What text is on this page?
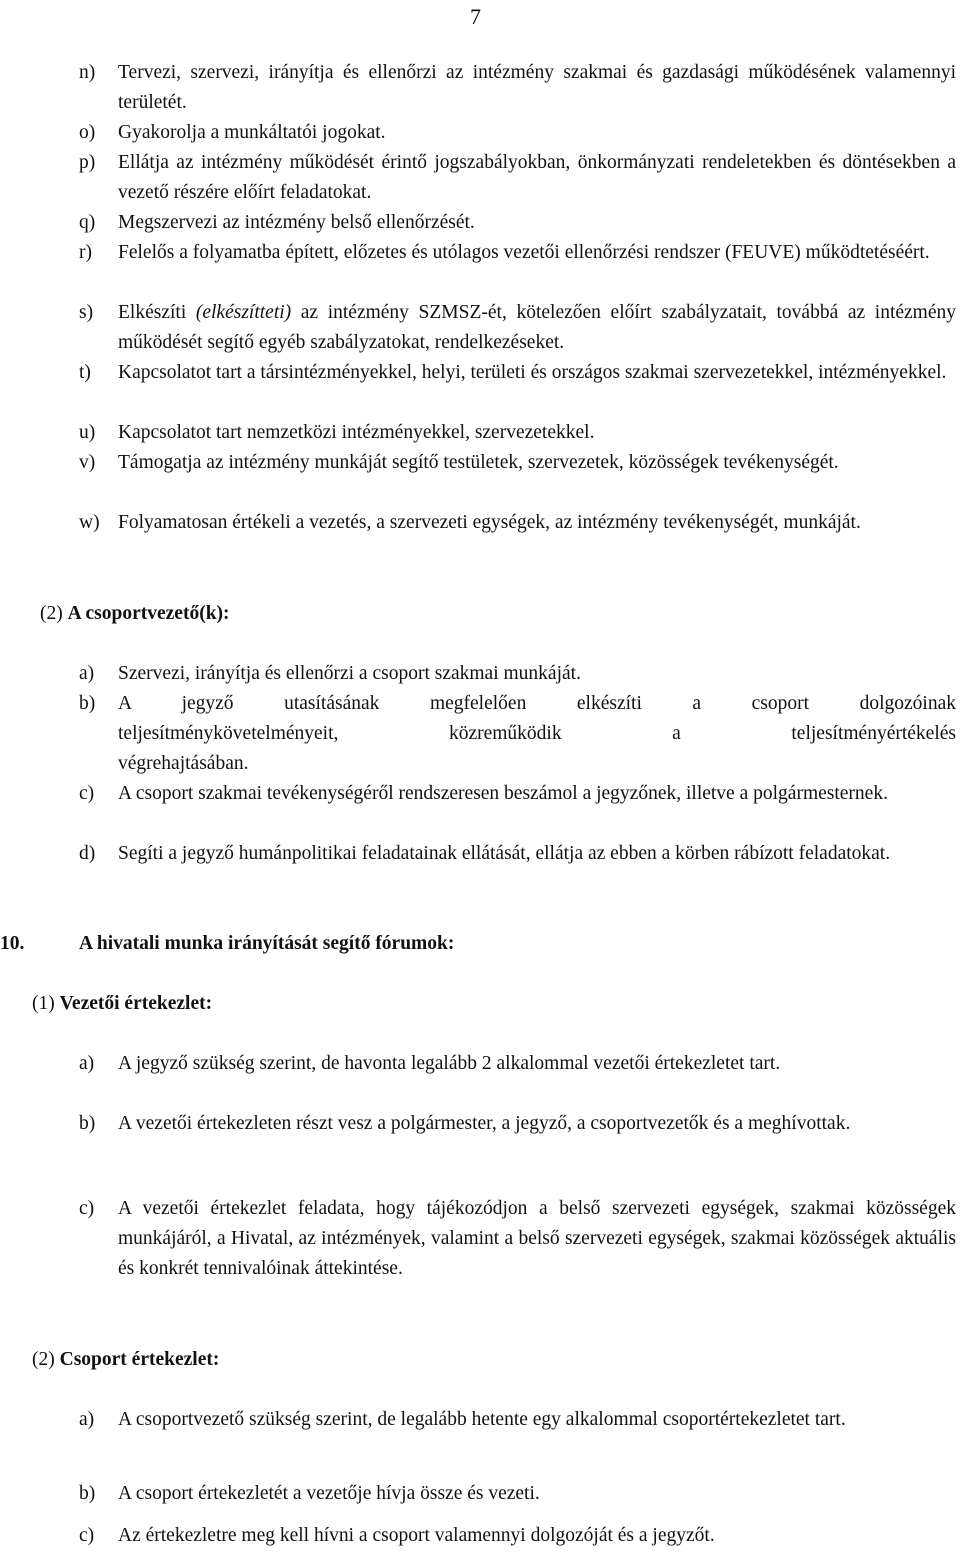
7
n) Tervezi, szervezi, irányítja és ellenőrzi az intézmény szakmai és gazdasági működésének valamennyi területét.
o) Gyakorolja a munkáltatói jogokat.
p) Ellátja az intézmény működését érintő jogszabályokban, önkormányzati rendeletekben és döntésekben a vezető részére előírt feladatokat.
q) Megszervezi az intézmény belső ellenőrzését.
r) Felelős a folyamatba épített, előzetes és utólagos vezetői ellenőrzési rendszer (FEUVE) működtetéséért.
s) Elkészíti (elkészítteti) az intézmény SZMSZ-ét, kötelezően előírt szabályzatait, továbbá az intézmény működését segítő egyéb szabályzatokat, rendelkezéseket.
t) Kapcsolatot tart a társintézményekkel, helyi, területi és országos szakmai szervezetekkel, intézményekkel.
u) Kapcsolatot tart nemzetközi intézményekkel, szervezetekkel.
v) Támogatja az intézmény munkáját segítő testületek, szervezetek, közösségek tevékenységét.
w) Folyamatosan értékeli a vezetés, a szervezeti egységek, az intézmény tevékenységét, munkáját.
(2) A csoportvezető(k):
a) Szervezi, irányítja és ellenőrzi a csoport szakmai munkáját.
b) A jegyző utasításának megfelelően elkészíti a csoport dolgozóinak
teljesítménykövetelményeit, közreműködik a teljesítményértékelés
végrehajtásában.
c) A csoport szakmai tevékenységéről rendszeresen beszámol a jegyzőnek, illetve a polgármesternek.
d) Segíti a jegyző humánpolitikai feladatainak ellátását, ellátja az ebben a körben rábízott feladatokat.
10.	A hivatali munka irányítását segítő fórumok:
(1) Vezetői értekezlet:
a) A jegyző szükség szerint, de havonta legalább 2 alkalommal vezetői értekezletet tart.
b) A vezetői értekezleten részt vesz a polgármester, a jegyző, a csoportvezetők és a meghívottak.
c) A vezetői értekezlet feladata, hogy tájékozódjon a belső szervezeti egységek, szakmai közösségek munkájáról, a Hivatal, az intézmények, valamint a belső szervezeti egységek, szakmai közösségek aktuális és konkrét tennivalóinak áttekintése.
(2) Csoport értekezlet:
a) A csoportvezető szükség szerint, de legalább hetente egy alkalommal csoportértekezletet tart.
b) A csoport értekezletét a vezetője hívja össze és vezeti.
c) Az értekezletre meg kell hívni a csoport valamennyi dolgozóját és a jegyzőt.
